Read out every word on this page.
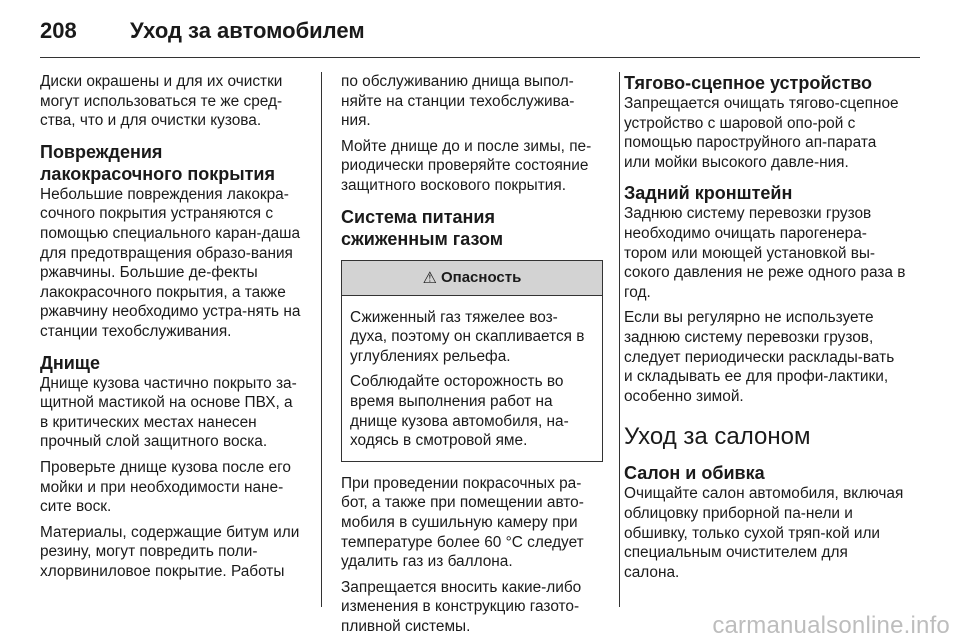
208 Уход за автомобилем

Диски окрашены и для их очистки могут использоваться те же сред-ства, что и для очистки кузова.

Повреждения лакокрасочного покрытия

Небольшие повреждения лакокра-сочного покрытия устраняются с помощью специального каран-даша для предотвращения образо-вания ржавчины. Большие де-фекты лакокрасочного покрытия, а также ржавчину необходимо устра-нять на станции техобслуживания.

Днище

Днище кузова частично покрыто за-щитной мастикой на основе ПВХ, а в критических местах нанесен прочный слой защитного воска.

Проверьте днище кузова после его мойки и при необходимости нане-сите воск.

Материалы, содержащие битум или резину, могут повредить поли-хлорвиниловое покрытие. Работы

по обслуживанию днища выпол-няйте на станции техобслужива-ния.

Мойте днище до и после зимы, пе-риодически проверяйте состояние защитного воскового покрытия.

Система питания сжиженным газом
⚠ Опасность

Сжиженный газ тяжелее воз-духа, поэтому он скапливается в углублениях рельефа.

Соблюдайте осторожность во время выполнения работ на днище кузова автомобиля, на-ходясь в смотровой яме.

При проведении покрасочных ра-бот, а также при помещении авто-мобиля в сушильную камеру при температуре более 60 °C следует удалить газ из баллона.

Запрещается вносить какие-либо изменения в конструкцию газото-пливной системы.

Тягово-сцепное устройство

Запрещается очищать тягово-сцепное устройство с шаровой опо-рой с помощью пароструйного ап-парата или мойки высокого давле-ния.

Задний кронштейн

Заднюю систему перевозки грузов необходимо очищать парогенера-тором или моющей установкой вы-сокого давления не реже одного раза в год.

Если вы регулярно не используете заднюю систему перевозки грузов, следует периодически расклады-вать и складывать ее для профи-лактики, особенно зимой.

Уход за салоном
Салон и обивка

Очищайте салон автомобиля, включая облицовку приборной па-нели и обшивку, только сухой тряп-кой или специальным очистителем для салона.

carmanualsonline.info
